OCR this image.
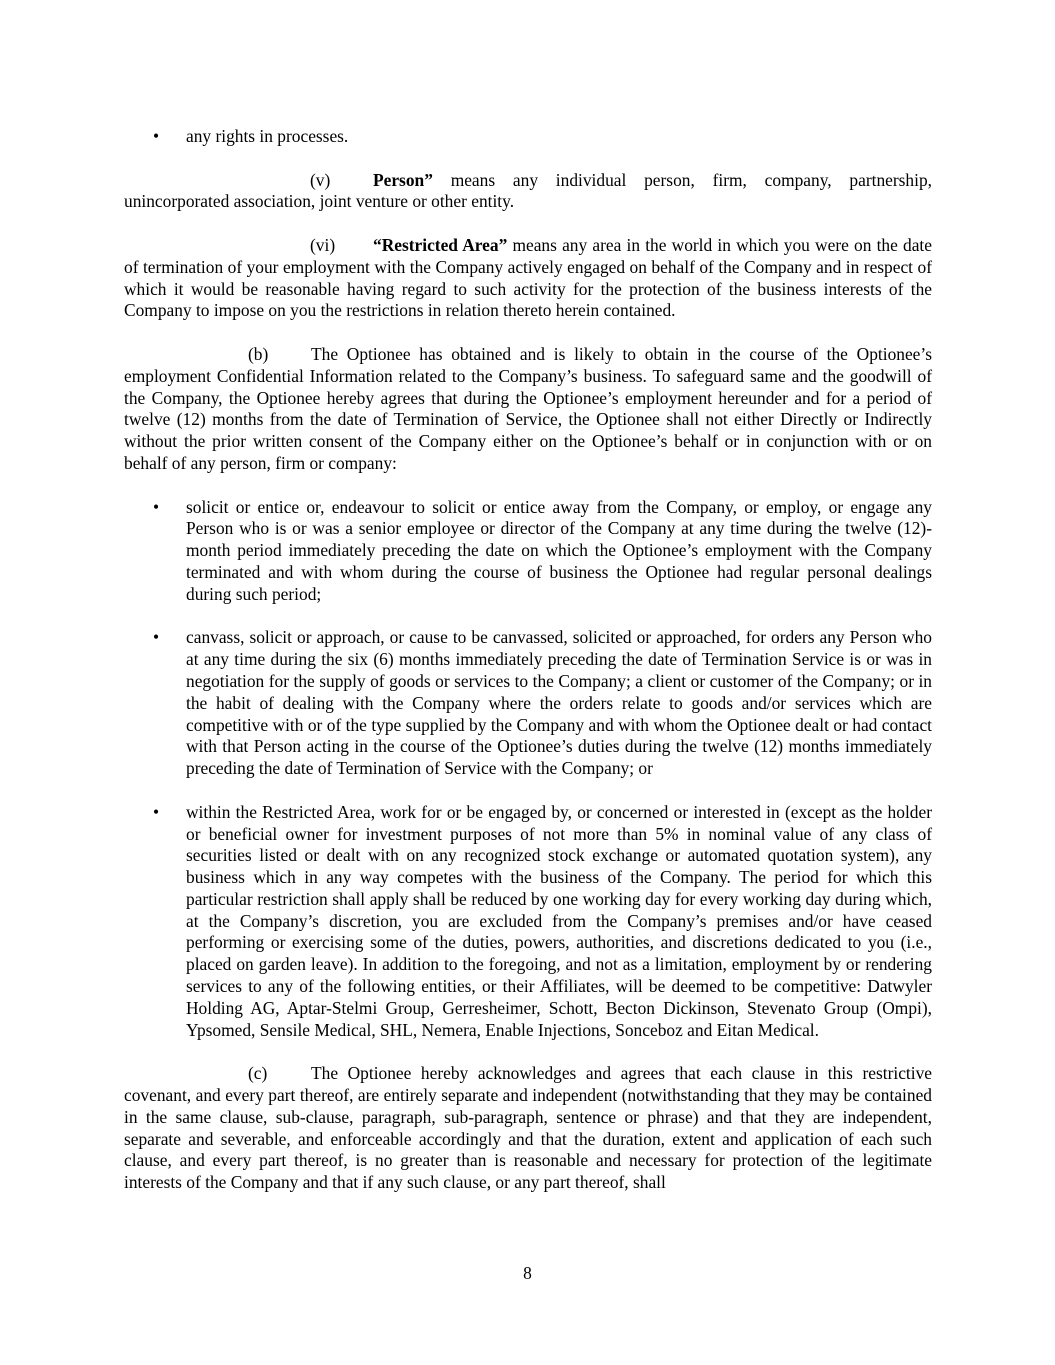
• any rights in processes.

(v) Person” means any individual person, firm, company, partnership, unincorporated association, joint venture or other entity.

(vi) “Restricted Area” means any area in the world in which you were on the date of termination of your employment with the Company actively engaged on behalf of the Company and in respect of which it would be reasonable having regard to such activity for the protection of the business interests of the Company to impose on you the restrictions in relation thereto herein contained.

(b) The Optionee has obtained and is likely to obtain in the course of the Optionee’s employment Confidential Information related to the Company’s business. To safeguard same and the goodwill of the Company, the Optionee hereby agrees that during the Optionee’s employment hereunder and for a period of twelve (12) months from the date of Termination of Service, the Optionee shall not either Directly or Indirectly without the prior written consent of the Company either on the Optionee’s behalf or in conjunction with or on behalf of any person, firm or company:

• solicit or entice or, endeavour to solicit or entice away from the Company, or employ, or engage any Person who is or was a senior employee or director of the Company at any time during the twelve (12)-month period immediately preceding the date on which the Optionee’s employment with the Company terminated and with whom during the course of business the Optionee had regular personal dealings during such period;
• canvass, solicit or approach, or cause to be canvassed, solicited or approached, for orders any Person who at any time during the six (6) months immediately preceding the date of Termination Service is or was in negotiation for the supply of goods or services to the Company; a client or customer of the Company; or in the habit of dealing with the Company where the orders relate to goods and/or services which are competitive with or of the type supplied by the Company and with whom the Optionee dealt or had contact with that Person acting in the course of the Optionee’s duties during the twelve (12) months immediately preceding the date of Termination of Service with the Company; or
• within the Restricted Area, work for or be engaged by, or concerned or interested in (except as the holder or beneficial owner for investment purposes of not more than 5% in nominal value of any class of securities listed or dealt with on any recognized stock exchange or automated quotation system), any business which in any way competes with the business of the Company. The period for which this particular restriction shall apply shall be reduced by one working day for every working day during which, at the Company’s discretion, you are excluded from the Company’s premises and/or have ceased performing or exercising some of the duties, powers, authorities, and discretions dedicated to you (i.e., placed on garden leave). In addition to the foregoing, and not as a limitation, employment by or rendering services to any of the following entities, or their Affiliates, will be deemed to be competitive: Datwyler Holding AG, Aptar-Stelmi Group, Gerresheimer, Schott, Becton Dickinson, Stevenato Group (Ompi), Ypsomed, Sensile Medical, SHL, Nemera, Enable Injections, Sonceboz and Eitan Medical.

(c)	The Optionee hereby acknowledges and agrees that each clause in this restrictive covenant, and every part thereof, are entirely separate and independent (notwithstanding that they may be contained in the same clause, sub-clause, paragraph, sub-paragraph, sentence or phrase) and that they are independent, separate and severable, and enforceable accordingly and that the duration, extent and application of each such clause, and every part thereof, is no greater than is reasonable and necessary for protection of the legitimate interests of the Company and that if any such clause, or any part thereof, shall

8
